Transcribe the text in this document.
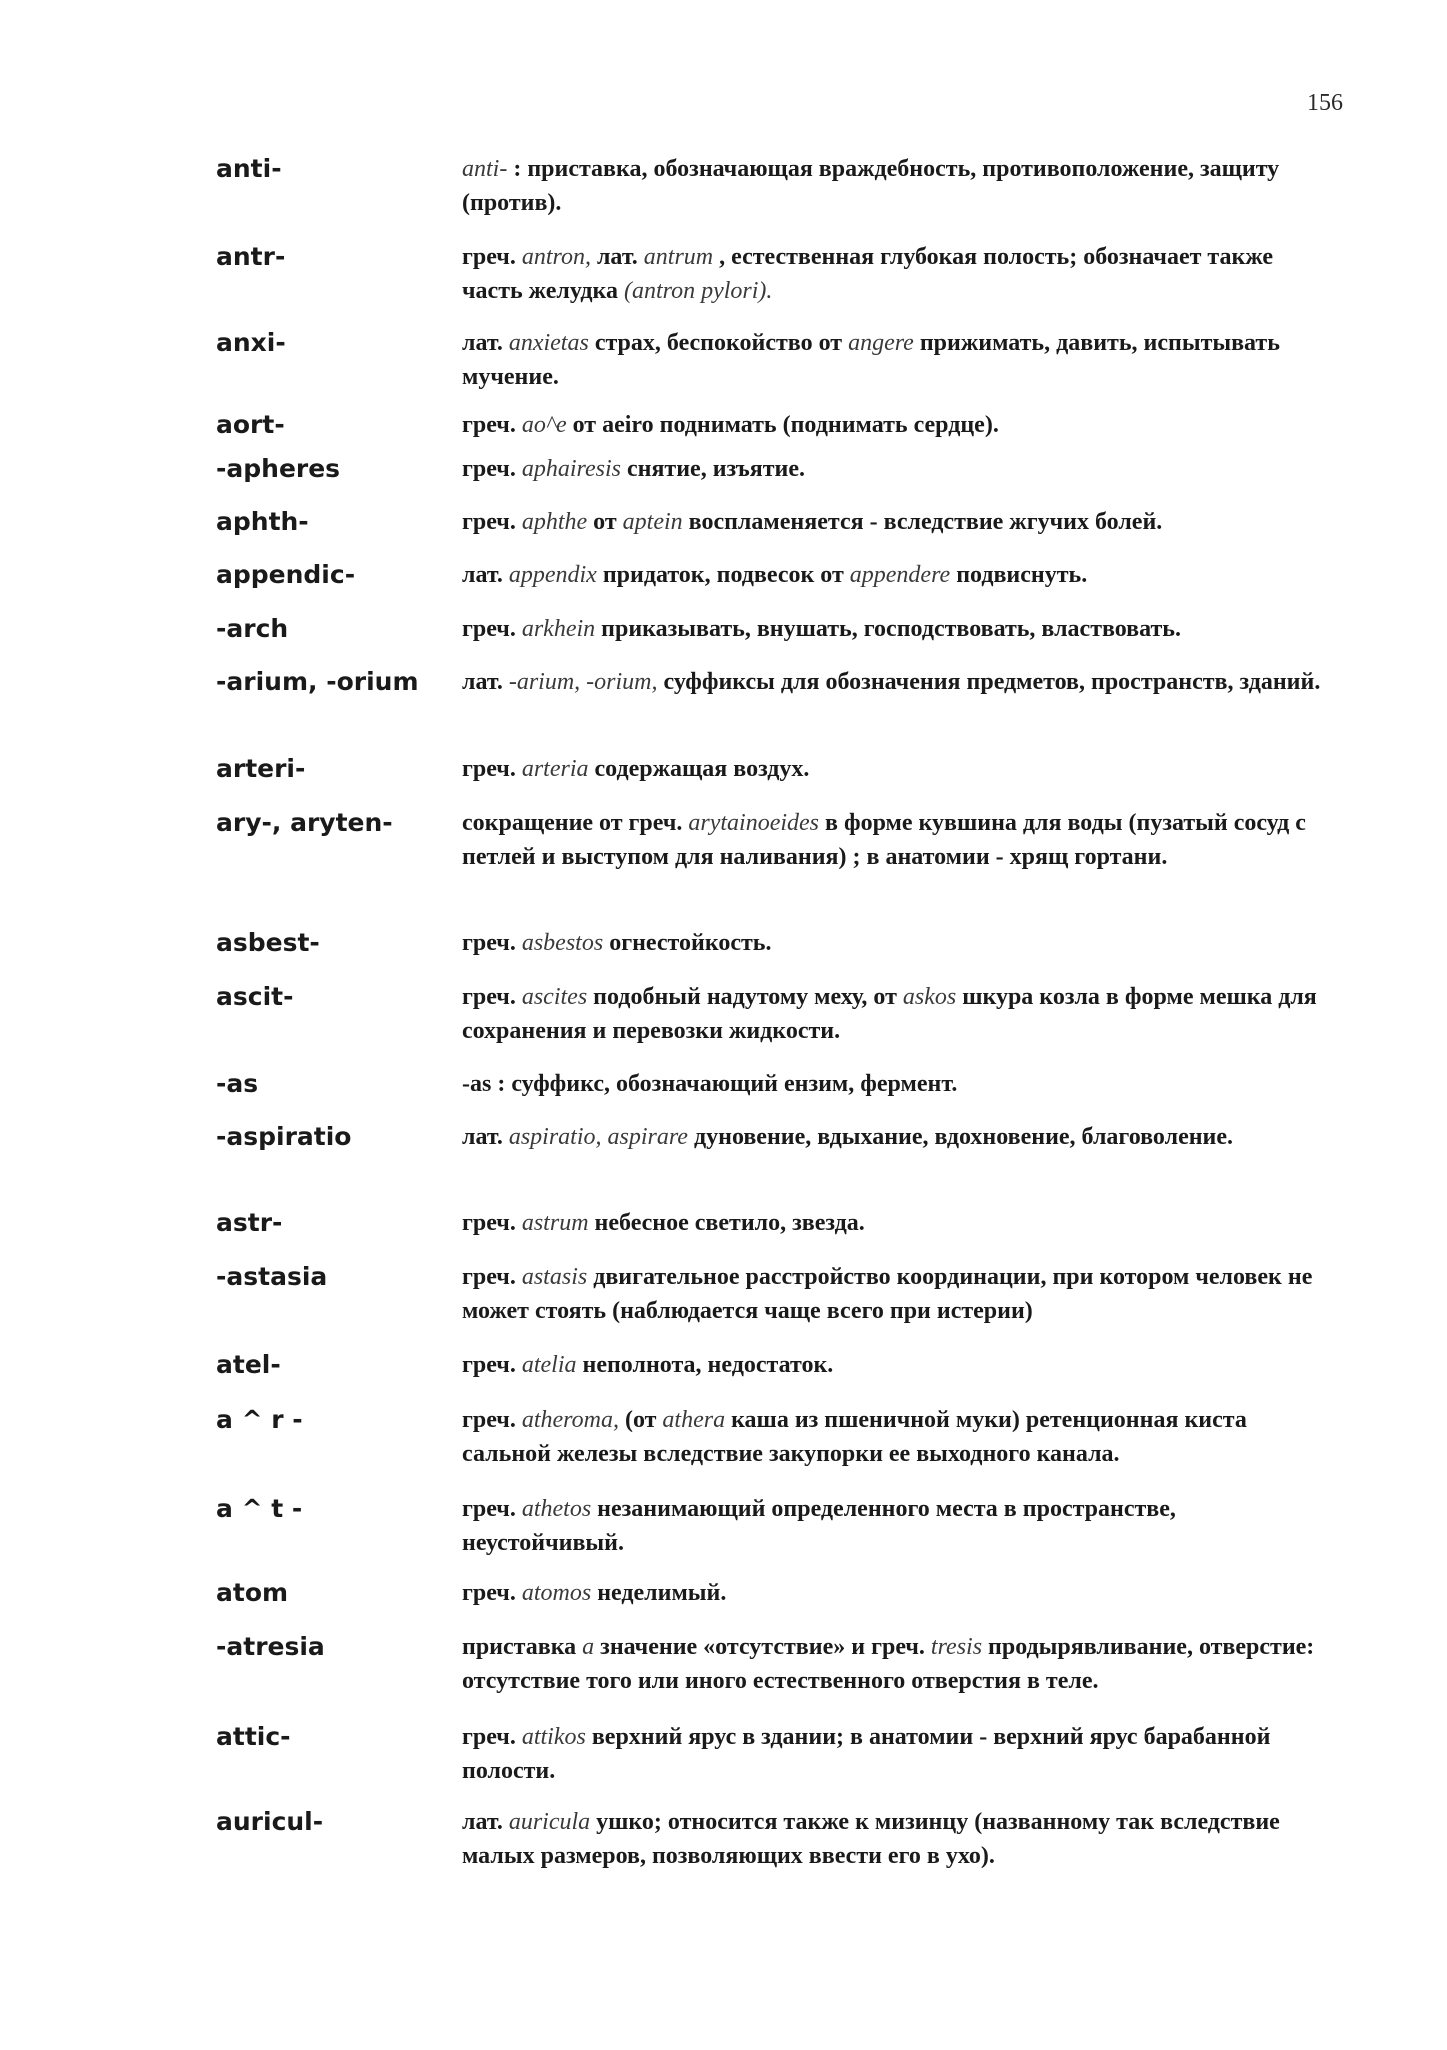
156
anti-	anti- : приставка, обозначающая враждебность, противоположение, защиту (против).
antr-	греч. antron, лат. antrum , естественная глубокая полость; обозначает также часть желудка (antron pylori).
anxi-	лат. anxietas страх, беспокойство от angere прижимать, давить, испытывать мучение.
aort-	греч. ao^e от aeiro поднимать (поднимать сердце).
-apheres	греч. aphairesis снятие, изъятие.
aphth-	греч. aphthe от aptein воспламеняется - вследствие жгучих болей.
appendic-	лат. appendix придаток, подвесок от appendere подвиснуть.
-arch	греч. arkhein приказывать, внушать, господствовать, властвовать.
-arium, -orium	лат. -arium, -orium, суффиксы для обозначения предметов, пространств, зданий.
arteri-	греч. arteria содержащая воздух.
ary-, aryten-	сокращение от греч. arytainoeides в форме кувшина для воды (пузатый сосуд с петлей и выступом для наливания) ; в анатомии - хрящ гортани.
asbest-	греч. asbestos огнестойкость.
ascit-	греч. ascites подобный надутому меху, от askos шкура козла в форме мешка для сохранения и перевозки жидкости.
-as	-as : суффикс, обозначающий ензим, фермент.
-aspiratio	лат. aspiratio, aspirare дуновение, вдыхание, вдохновение, благоволение.
astr-	греч. astrum небесное светило, звезда.
-astasia	греч. astasis двигательное расстройство координации, при котором человек не может стоять (наблюдается чаще всего при истерии)
atel-	греч. atelia неполнота, недостаток.
a ^ r -	греч. atheroma, (от athera каша из пшеничной муки) ретенционная киста сальной железы вследствие закупорки ее выходного канала.
a ^ t -	греч. athetos незанимающий определенного места в пространстве, неустойчивый.
atom	греч. atomos неделимый.
-atresia	приставка a значение «отсутствие» и греч. tresis продырявливание, отверстие: отсутствие того или иного естественного отверстия в теле.
attic-	греч. attikos верхний ярус в здании; в анатомии - верхний ярус барабанной полости.
auricul-	лат. auricula ушко; относится также к мизинцу (названному так вследствие малых размеров, позволяющих ввести его в ухо).
